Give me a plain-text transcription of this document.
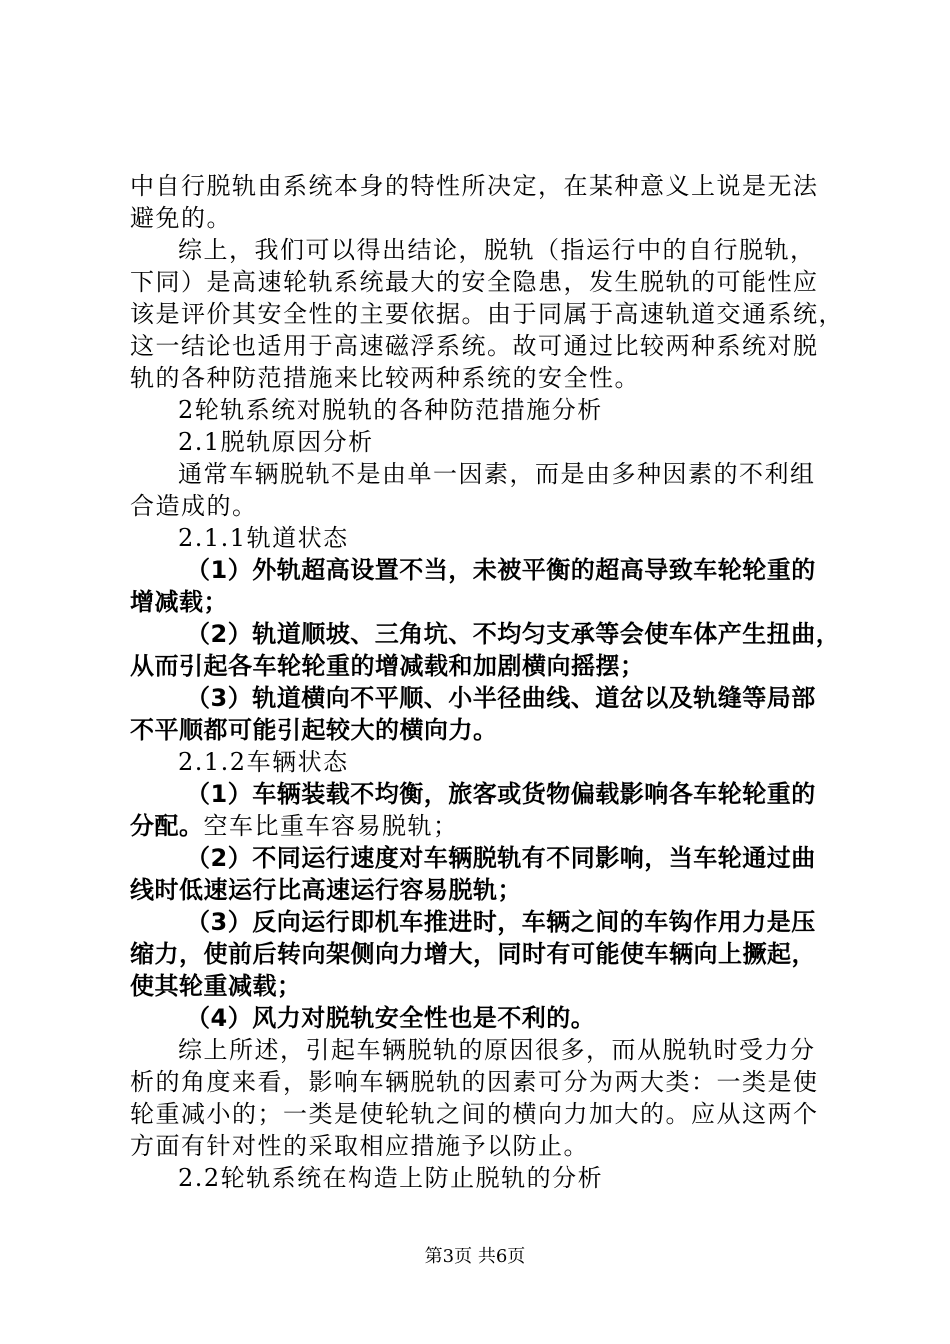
中自行脱轨由系统本身的特性所决定，在某种意义上说是无法
避免的。
综上，我们可以得出结论，脱轨（指运行中的自行脱轨，
下同）是高速轮轨系统最大的安全隐患，发生脱轨的可能性应
该是评价其安全性的主要依据。由于同属于高速轨道交通系统，
这一结论也适用于高速磁浮系统。故可通过比较两种系统对脱
轨的各种防范措施来比较两种系统的安全性。
2轮轨系统对脱轨的各种防范措施分析
2.1脱轨原因分析
通常车辆脱轨不是由单一因素，而是由多种因素的不利组
合造成的。
2.1.1轨道状态
（1）外轨超高设置不当，未被平衡的超高导致车轮轮重的
增减载；
（2）轨道顺坡、三角坑、不均匀支承等会使车体产生扭曲，
从而引起各车轮轮重的增减载和加剧横向摇摆；
（3）轨道横向不平顺、小半径曲线、道岔以及轨缝等局部
不平顺都可能引起较大的横向力。
2.1.2车辆状态
（1）车辆装载不均衡，旅客或货物偏载影响各车轮轮重的
分配。空车比重车容易脱轨；
（2）不同运行速度对车辆脱轨有不同影响，当车轮通过曲
线时低速运行比高速运行容易脱轨；
（3）反向运行即机车推进时，车辆之间的车钩作用力是压
缩力，使前后转向架侧向力增大，同时有可能使车辆向上撅起，
使其轮重减载；
（4）风力对脱轨安全性也是不利的。
综上所述，引起车辆脱轨的原因很多，而从脱轨时受力分
析的角度来看，影响车辆脱轨的因素可分为两大类：一类是使
轮重减小的；一类是使轮轨之间的横向力加大的。应从这两个
方面有针对性的采取相应措施予以防止。
2.2轮轨系统在构造上防止脱轨的分析
第3页 共6页
